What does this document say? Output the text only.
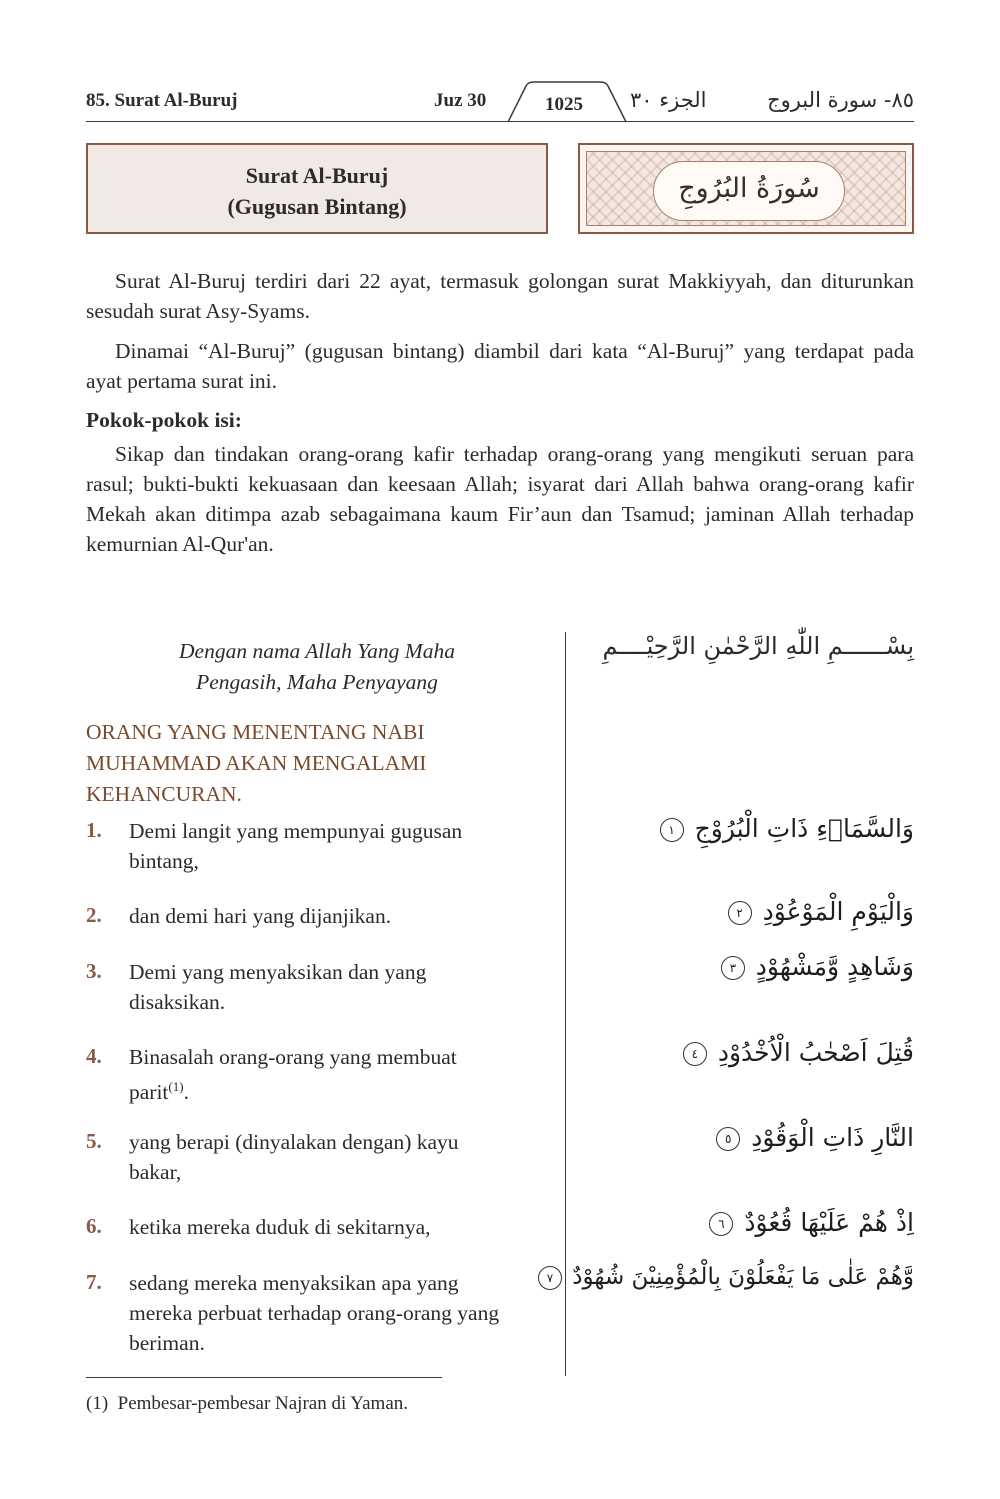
85. Surat Al-Buruj	Juz 30	1025	الجزء ٣٠	٨٥- سورة البروج
Surat Al-Buruj
(Gugusan Bintang)
سُورَةُ البُرُوجِ

Surat Al-Buruj terdiri dari 22 ayat, termasuk golongan surat Makkiyyah, dan diturunkan sesudah surat Asy-Syams.

Dinamai “Al-Buruj” (gugusan bintang) diambil dari kata “Al-Buruj” yang terdapat pada ayat pertama surat ini.

Pokok-pokok isi:

Sikap dan tindakan orang-orang kafir terhadap orang-orang yang mengikuti seruan para rasul; bukti-bukti kekuasaan dan keesaan Allah; isyarat dari Allah bahwa orang-orang kafir Mekah akan ditimpa azab sebagaimana kaum Fir’aun dan Tsamud; jaminan Allah terhadap kemurnian Al-Qur'an.

Dengan nama Allah Yang Maha
Pengasih, Maha Penyayang
بِسْــــــمِ اللّٰهِ الرَّحْمٰنِ الرَّحِيْــــمِ
ORANG YANG MENENTANG NABI
MUHAMMAD AKAN MENGALAMI
KEHANCURAN.
1. Demi langit yang mempunyai gugusan
bintang,
وَالسَّمَاۤءِ ذَاتِ الْبُرُوْجِ ١
2. dan demi hari yang dijanjikan.	وَالْيَوْمِ الْمَوْعُوْدِ ٢
3. Demi yang menyaksikan dan yang
disaksikan.
وَشَاهِدٍ وَّمَشْهُوْدٍ ٣
4. Binasalah orang-orang yang membuat
parit$^{(1)}$.
قُتِلَ اَصْحٰبُ الْاُخْدُوْدِ ٤
5. yang berapi (dinyalakan dengan) kayu
bakar,
النَّارِ ذَاتِ الْوَقُوْدِ ٥
6. ketika mereka duduk di sekitarnya,	اِذْ هُمْ عَلَيْهَا قُعُوْدٌ ٦
7. sedang mereka menyaksikan apa yang
mereka perbuat terhadap orang-orang yang
beriman.
وَّهُمْ عَلٰى مَا يَفْعَلُوْنَ بِالْمُؤْمِنِيْنَ شُهُوْدٌ ٧
(1) Pembesar-pembesar Najran di Yaman.
